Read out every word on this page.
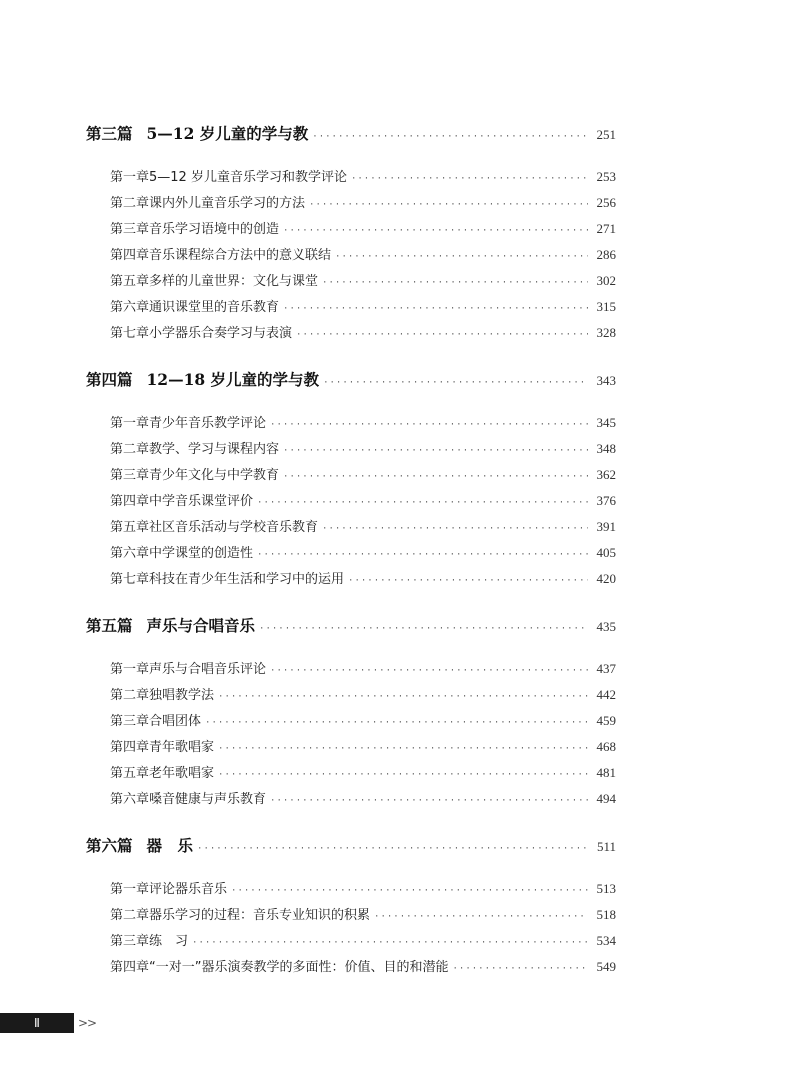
第三篇 5—12 岁儿童的学与教 ·····	251
第一章 5—12 岁儿童音乐学习和教学评论 ·····	253
第二章 课内外儿童音乐学习的方法 ·····	256
第三章 音乐学习语境中的创造 ·····	271
第四章 音乐课程综合方法中的意义联结 ·····	286
第五章 多样的儿童世界：文化与课堂 ·····	302
第六章 通识课堂里的音乐教育 ·····	315
第七章 小学器乐合奏学习与表演 ·····	328
第四篇 12—18 岁儿童的学与教 ·····	343
第一章 青少年音乐教学评论 ·····	345
第二章 教学、学习与课程内容 ·····	348
第三章 青少年文化与中学教育 ·····	362
第四章 中学音乐课堂评价 ·····	376
第五章 社区音乐活动与学校音乐教育 ·····	391
第六章 中学课堂的创造性 ·····	405
第七章 科技在青少年生活和学习中的运用 ·····	420
第五篇 声乐与合唱音乐 ·····	435
第一章 声乐与合唱音乐评论 ·····	437
第二章 独唱教学法 ·····	442
第三章 合唱团体 ·····	459
第四章 青年歌唱家 ·····	468
第五章 老年歌唱家 ·····	481
第六章 嗓音健康与声乐教育 ·····	494
第六篇 器　乐 ·····	511
第一章 评论器乐音乐 ·····	513
第二章 器乐学习的过程：音乐专业知识的积累 ·····	518
第三章 练　习 ·····	534
第四章 “一对一”器乐演奏教学的多面性：价值、目的和潜能 ·····	549
Ⅱ	>>
